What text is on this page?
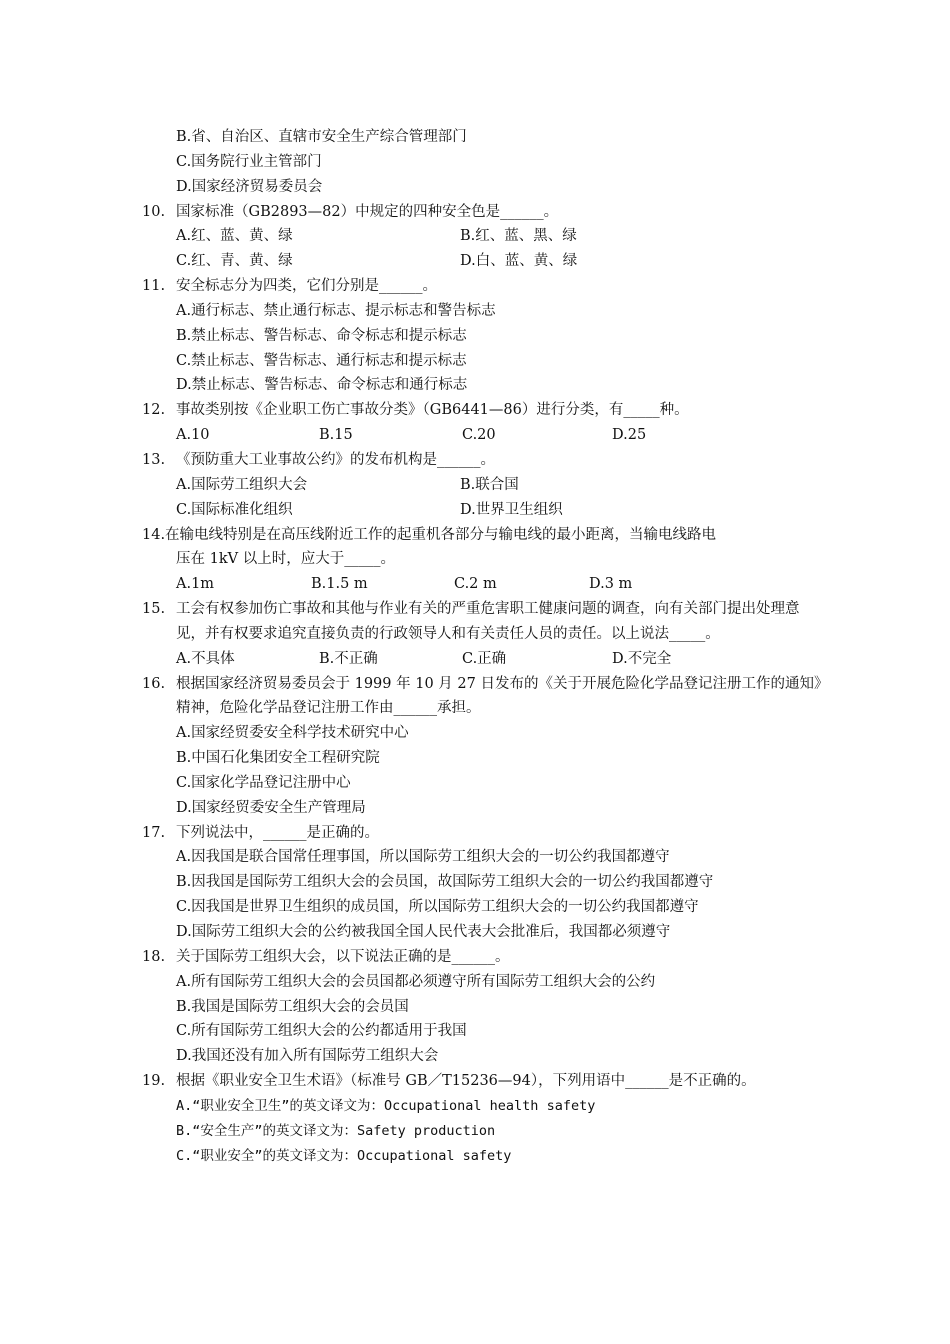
B.省、自治区、直辖市安全生产综合管理部门
C.国务院行业主管部门
D.国家经济贸易委员会
10. 国家标准（GB2893—82）中规定的四种安全色是______。
A.红、蓝、黄、绿	B.红、蓝、黑、绿
C.红、青、黄、绿	D.白、蓝、黄、绿
11. 安全标志分为四类，它们分别是______。
A.通行标志、禁止通行标志、提示标志和警告标志
B.禁止标志、警告标志、命令标志和提示标志
C.禁止标志、警告标志、通行标志和提示标志
D.禁止标志、警告标志、命令标志和通行标志
12. 事故类别按《企业职工伤亡事故分类》（GB6441—86）进行分类，有_____种。
A.10	B.15	C.20	D.25
13. 《预防重大工业事故公约》的发布机构是______。
A.国际劳工组织大会	B.联合国
C.国际标准化组织	D.世界卫生组织
14.在输电线特别是在高压线附近工作的起重机各部分与输电线的最小距离，当输电线路电
压在 1kV 以上时，应大于_____。
A.1m	B.1.5 m	C.2 m	D.3 m
15. 工会有权参加伤亡事故和其他与作业有关的严重危害职工健康问题的调查，向有关部门提出处理意见，并有权要求追究直接负责的行政领导人和有关责任人员的责任。以上说法_____。
A.不具体	B.不正确	C.正确	D.不完全
16. 根据国家经济贸易委员会于 1999 年 10 月 27 日发布的《关于开展危险化学品登记注册工作的通知》精神，危险化学品登记注册工作由______承担。
A.国家经贸委安全科学技术研究中心
B.中国石化集团安全工程研究院
C.国家化学品登记注册中心
D.国家经贸委安全生产管理局
17. 下列说法中，______是正确的。
A.因我国是联合国常任理事国，所以国际劳工组织大会的一切公约我国都遵守
B.因我国是国际劳工组织大会的会员国，故国际劳工组织大会的一切公约我国都遵守
C.因我国是世界卫生组织的成员国，所以国际劳工组织大会的一切公约我国都遵守
D.国际劳工组织大会的公约被我国全国人民代表大会批准后，我国都必须遵守
18. 关于国际劳工组织大会，以下说法正确的是______。
A.所有国际劳工组织大会的会员国都必须遵守所有国际劳工组织大会的公约
B.我国是国际劳工组织大会的会员国
C.所有国际劳工组织大会的公约都适用于我国
D.我国还没有加入所有国际劳工组织大会
19. 根据《职业安全卫生术语》（标准号 GB／T15236—94），下列用语中______是不正确的。
A.“职业安全卫生”的英文译文为：Occupational health safety
B.“安全生产”的英文译文为：Safety production
C.“职业安全”的英文译文为：Occupational safety
